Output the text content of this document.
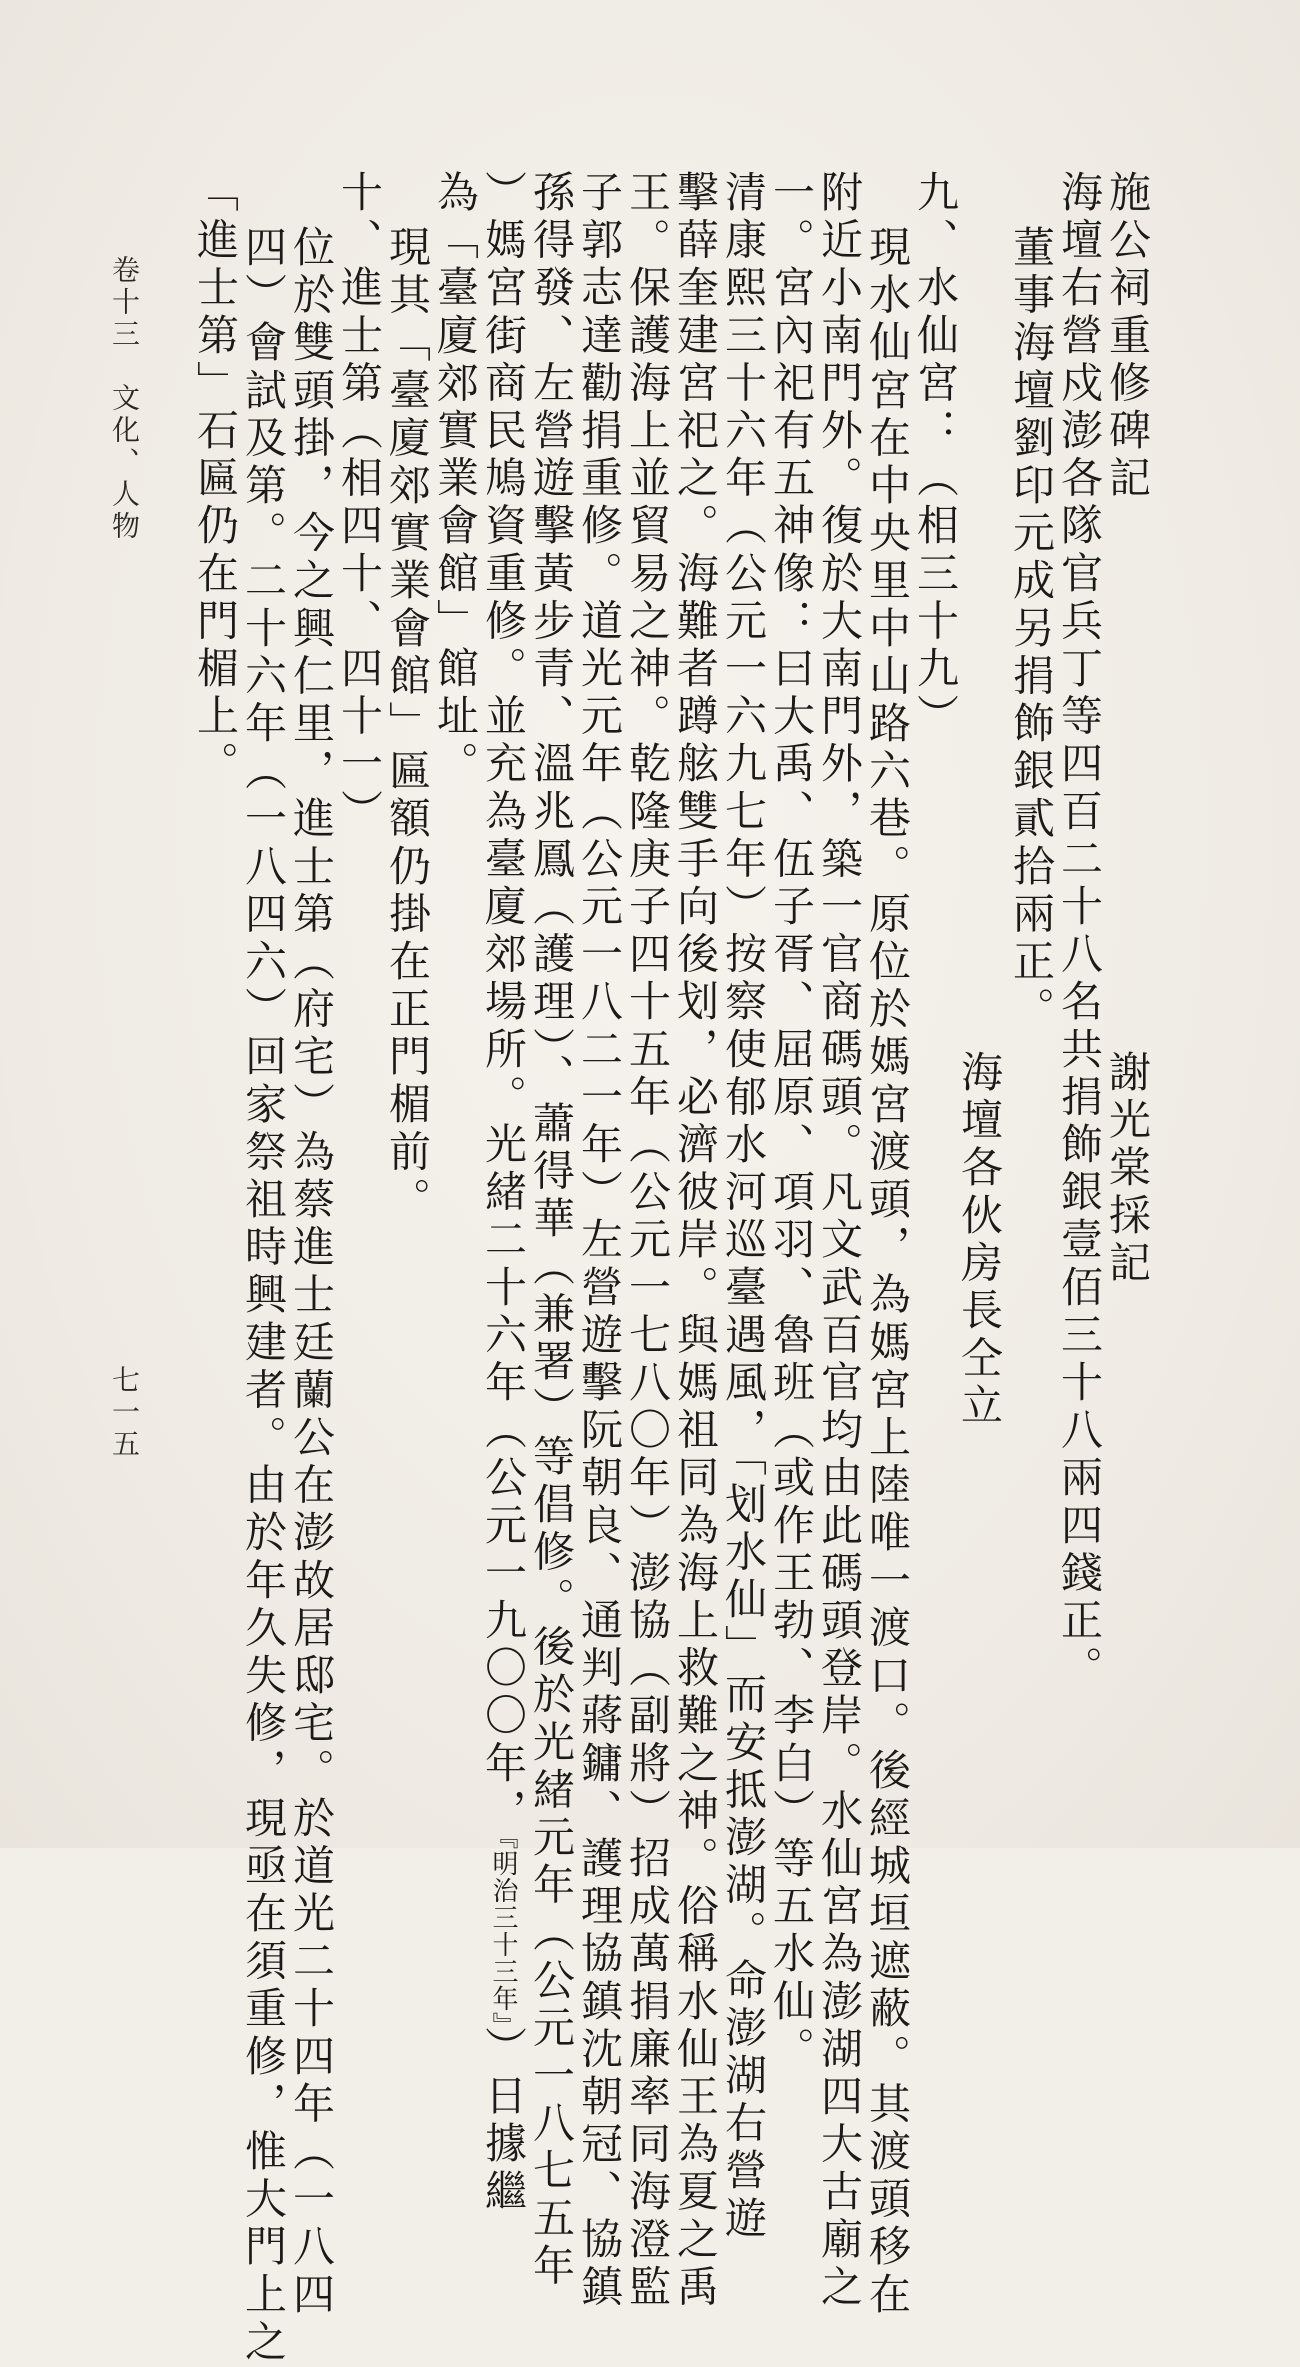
施公祠重修碑記
海壇右營戍澎各隊官兵丁等四百二十八名共捐飾銀壹佰三十八兩四錢正。 謝光棠採記
董事海壇劉印元成另捐飾銀貳拾兩正。
海壇各伙房長仝立
九、水仙宮：（相三十九）
現水仙宮在中央里中山路六巷。原位於媽宮渡頭，為媽宮上陸唯一渡口。後經城垣遮蔽。其渡頭移在
附近小南門外。復於大南門外，築一官商碼頭。凡文武百官均由此碼頭登岸。水仙宮為澎湖四大古廟之
一。宮內祀有五神像：曰大禹、伍子胥、屈原、項羽、魯班（或作王勃、李白）等五水仙。
清康熙三十六年（公元一六九七年）按察使郁水河巡臺遇風，「划水仙」而安抵澎湖。命澎湖右營遊
擊薛奎建宮祀之。海難者蹲舷雙手向後划，必濟彼岸。與媽祖同為海上救難之神。俗稱水仙王為夏之禹
王。保護海上並貿易之神。乾隆庚子四十五年（公元一七八〇年）澎協（副將）招成萬捐廉率同海澄監
子郭志達勸捐重修。道光元年（公元一八二一年）左營遊擊阮朝良、通判蔣鏞、護理協鎮沈朝冠、協鎮
孫得發、左營遊擊黃步青、溫兆鳳（護理）、蕭得華（兼署）等倡修。後於光緒元年（公元一八七五年
）媽宮街商民鳩資重修。並充為臺廈郊場所。光緒二十六年（公元一九〇〇年，『明治三十三年』）日據繼
為「臺廈郊實業會館」館址。
現其「臺廈郊實業會館」匾額仍掛在正門楣前。
十、進士第（相四十、四十一）
位於雙頭掛，今之興仁里，進士第（府宅）為蔡進士廷蘭公在澎故居邸宅。於道光二十四年（一八四
四）會試及第。二十六年（一八四六）回家祭祖時興建者。由於年久失修，現亟在須重修，惟大門上之
「進士第」石匾仍在門楣上。
卷十三　文化、人物
七一五
